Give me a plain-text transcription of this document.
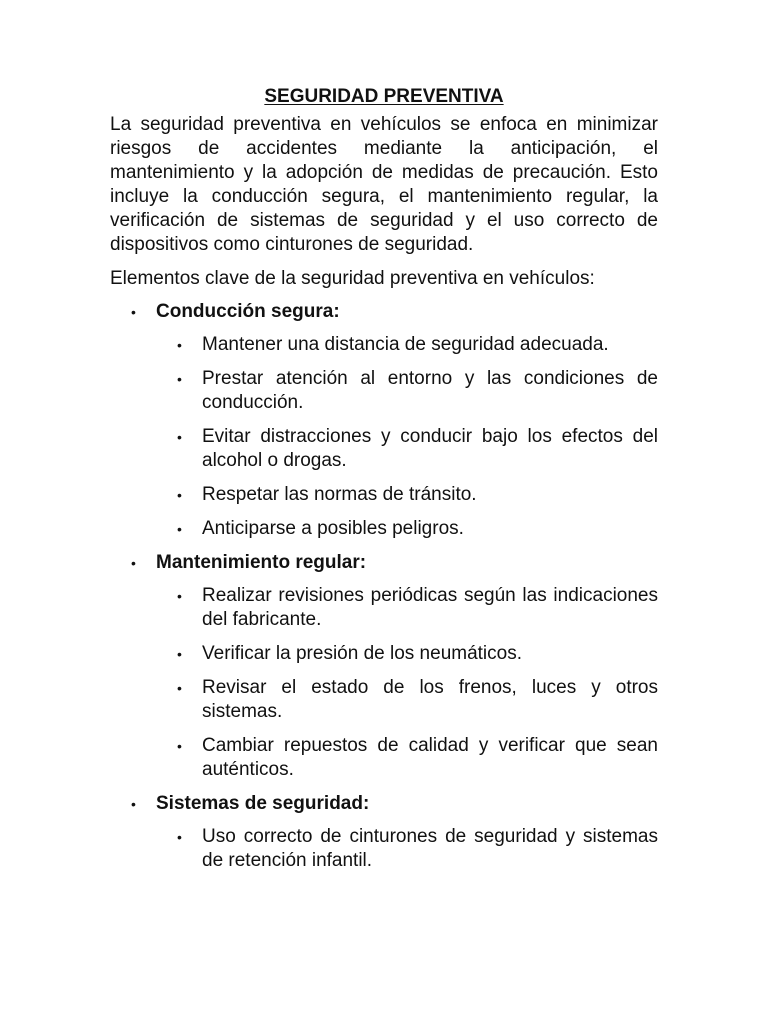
SEGURIDAD PREVENTIVA

La seguridad preventiva en vehículos se enfoca en minimizar riesgos de accidentes mediante la anticipación, el mantenimiento y la adopción de medidas de precaución. Esto incluye la conducción segura, el mantenimiento regular, la verificación de sistemas de seguridad y el uso correcto de dispositivos como cinturones de seguridad.

Elementos clave de la seguridad preventiva en vehículos:

• Conducción segura:
• Mantener una distancia de seguridad adecuada.
• Prestar atención al entorno y las condiciones de conducción.
• Evitar distracciones y conducir bajo los efectos del alcohol o drogas.
• Respetar las normas de tránsito.
• Anticiparse a posibles peligros.
• Mantenimiento regular:
• Realizar revisiones periódicas según las indicaciones del fabricante.
• Verificar la presión de los neumáticos.
• Revisar el estado de los frenos, luces y otros sistemas.
• Cambiar repuestos de calidad y verificar que sean auténticos.
• Sistemas de seguridad:
• Uso correcto de cinturones de seguridad y sistemas de retención infantil.
